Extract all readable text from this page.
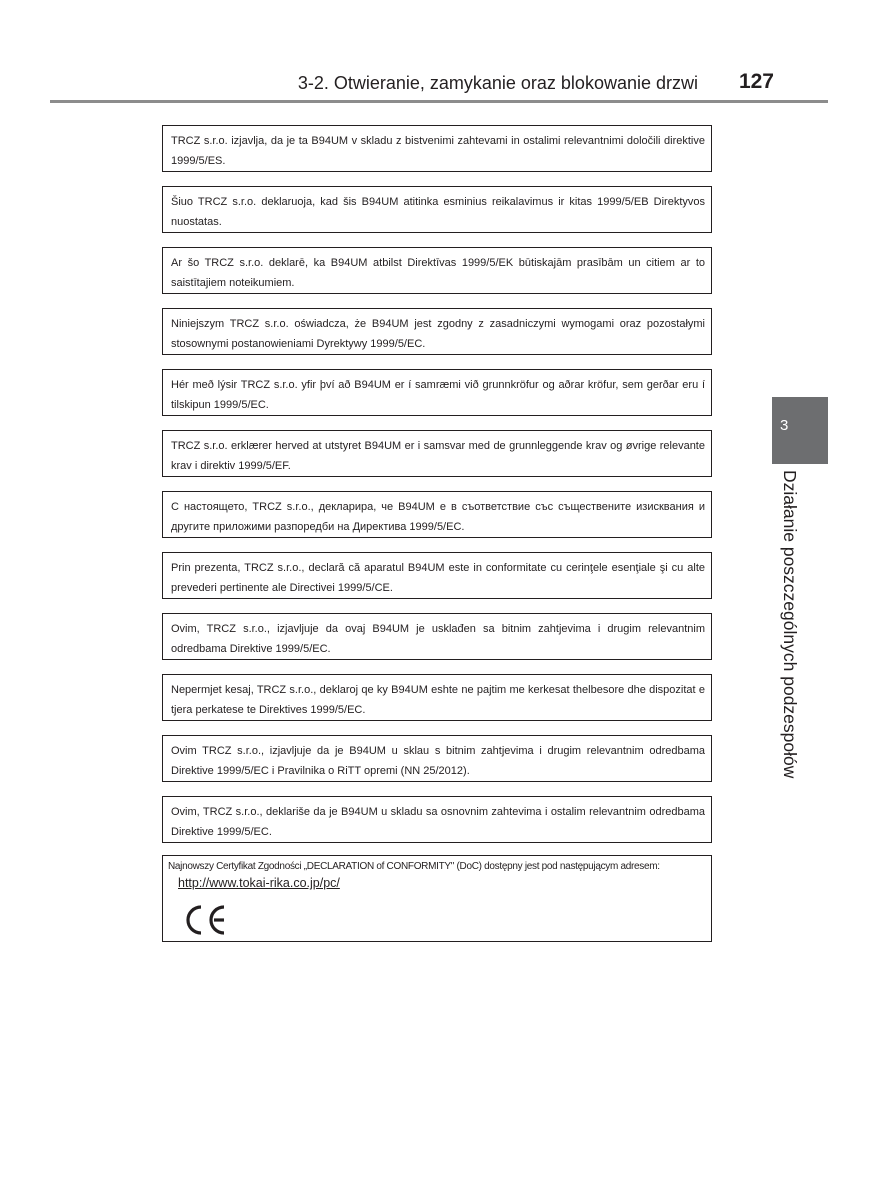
3-2. Otwieranie, zamykanie oraz blokowanie drzwi	127
TRCZ s.r.o. izjavlja, da je ta B94UM v skladu z bistvenimi zahtevami in ostalimi relevantnimi določili direktive 1999/5/ES.
Šiuo TRCZ s.r.o. deklaruoja, kad šis B94UM atitinka esminius reikalavimus ir kitas 1999/5/EB Direktyvos nuostatas.
Ar šo TRCZ s.r.o. deklarē, ka B94UM atbilst Direktīvas 1999/5/EK būtiskajām prasībām un citiem ar to saistītajiem noteikumiem.
Niniejszym TRCZ s.r.o. oświadcza, że B94UM jest zgodny z zasadniczymi wymogami oraz pozostałymi stosownymi postanowieniami Dyrektywy 1999/5/EC.
Hér með lýsir TRCZ s.r.o. yfir því að B94UM er í samræmi við grunnkröfur og aðrar kröfur, sem gerðar eru í tilskipun 1999/5/EC.
TRCZ s.r.o. erklærer herved at utstyret B94UM er i samsvar med de grunnleggende krav og øvrige relevante krav i direktiv 1999/5/EF.
С настоящето, TRCZ s.r.o., декларира, че B94UM е в съответствие със съществените изисквания и другите приложими разпоредби на Директива 1999/5/ЕС.
Prin prezenta, TRCZ s.r.o., declară că aparatul B94UM este in conformitate cu cerinţele esenţiale şi cu alte prevederi pertinente ale Directivei 1999/5/CE.
Ovim, TRCZ s.r.o., izjavljuje da ovaj B94UM je usklađen sa bitnim zahtjevima i drugim relevantnim odredbama Direktive 1999/5/EC.
Nepermjet kesaj, TRCZ s.r.o., deklaroj qe ky B94UM eshte ne pajtim me kerkesat thelbesore dhe dispozitat e tjera perkatese te Direktives 1999/5/EC.
Ovim TRCZ s.r.o., izjavljuje da je B94UM u sklau s bitnim zahtjevima i drugim relevantnim odredbama Direktive 1999/5/EC i Pravilnika o RiTT opremi (NN 25/2012).
Ovim, TRCZ s.r.o., deklariše da je B94UM u skladu sa osnovnim zahtevima i ostalim relevantnim odredbama Direktive 1999/5/EC.
Najnowszy Certyfikat Zgodności „DECLARATION of CONFORMITY" (DoC) dostępny jest pod następującym adresem:
http://www.tokai-rika.co.jp/pc/
3
Działanie poszczególnych podzespołów
